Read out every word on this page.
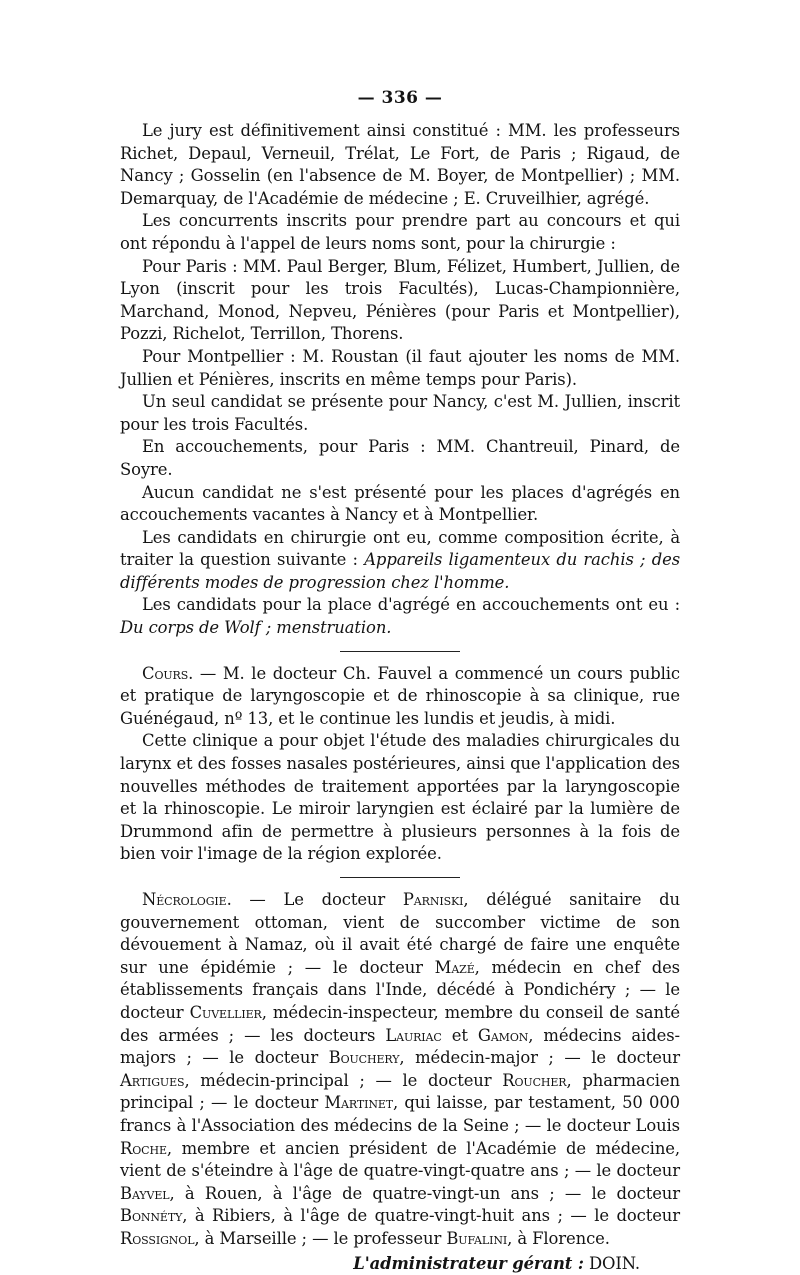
— 336 —

Le jury est définitivement ainsi constitué : MM. les professeurs Richet, Depaul, Verneuil, Trélat, Le Fort, de Paris ; Rigaud, de Nancy ; Gosselin (en l'absence de M. Boyer, de Montpellier) ; MM. Demarquay, de l'Académie de médecine ; E. Cruveilhier, agrégé.

Les concurrents inscrits pour prendre part au concours et qui ont répondu à l'appel de leurs noms sont, pour la chirurgie :

Pour Paris : MM. Paul Berger, Blum, Félizet, Humbert, Jullien, de Lyon (inscrit pour les trois Facultés), Lucas-Championnière, Marchand, Monod, Nepveu, Pénières (pour Paris et Montpellier), Pozzi, Richelot, Terrillon, Thorens.

Pour Montpellier : M. Roustan (il faut ajouter les noms de MM. Jullien et Pénières, inscrits en même temps pour Paris).

Un seul candidat se présente pour Nancy, c'est M. Jullien, inscrit pour les trois Facultés.

En accouchements, pour Paris : MM. Chantreuil, Pinard, de Soyre.

Aucun candidat ne s'est présenté pour les places d'agrégés en accouchements vacantes à Nancy et à Montpellier.

Les candidats en chirurgie ont eu, comme composition écrite, à traiter la question suivante : Appareils ligamenteux du rachis ; des différents modes de progression chez l'homme.

Les candidats pour la place d'agrégé en accouchements ont eu : Du corps de Wolf ; menstruation.

Cours. — M. le docteur Ch. Fauvel a commencé un cours public et pratique de laryngoscopie et de rhinoscopie à sa clinique, rue Guénégaud, nº 13, et le continue les lundis et jeudis, à midi.

Cette clinique a pour objet l'étude des maladies chirurgicales du larynx et des fosses nasales postérieures, ainsi que l'application des nouvelles méthodes de traitement apportées par la laryngoscopie et la rhinoscopie. Le miroir laryngien est éclairé par la lumière de Drummond afin de permettre à plusieurs personnes à la fois de bien voir l'image de la région explorée.

Nécrologie. — Le docteur Parniski, délégué sanitaire du gouvernement ottoman, vient de succomber victime de son dévouement à Namaz, où il avait été chargé de faire une enquête sur une épidémie ; — le docteur Mazé, médecin en chef des établissements français dans l'Inde, décédé à Pondichéry ; — le docteur Cuvellier, médecin-inspecteur, membre du conseil de santé des armées ; — les docteurs Lauriac et Gamon, médecins aides-majors ; — le docteur Bouchery, médecin-major ; — le docteur Artigues, médecin-principal ; — le docteur Roucher, pharmacien principal ; — le docteur Martinet, qui laisse, par testament, 50 000 francs à l'Association des médecins de la Seine ; — le docteur Louis Roche, membre et ancien président de l'Académie de médecine, vient de s'éteindre à l'âge de quatre-vingt-quatre ans ; — le docteur Bayvel, à Rouen, à l'âge de quatre-vingt-un ans ; — le docteur Bonnéty, à Ribiers, à l'âge de quatre-vingt-huit ans ; — le docteur Rossignol, à Marseille ; — le professeur Bufalini, à Florence.

L'administrateur gérant : DOIN.
